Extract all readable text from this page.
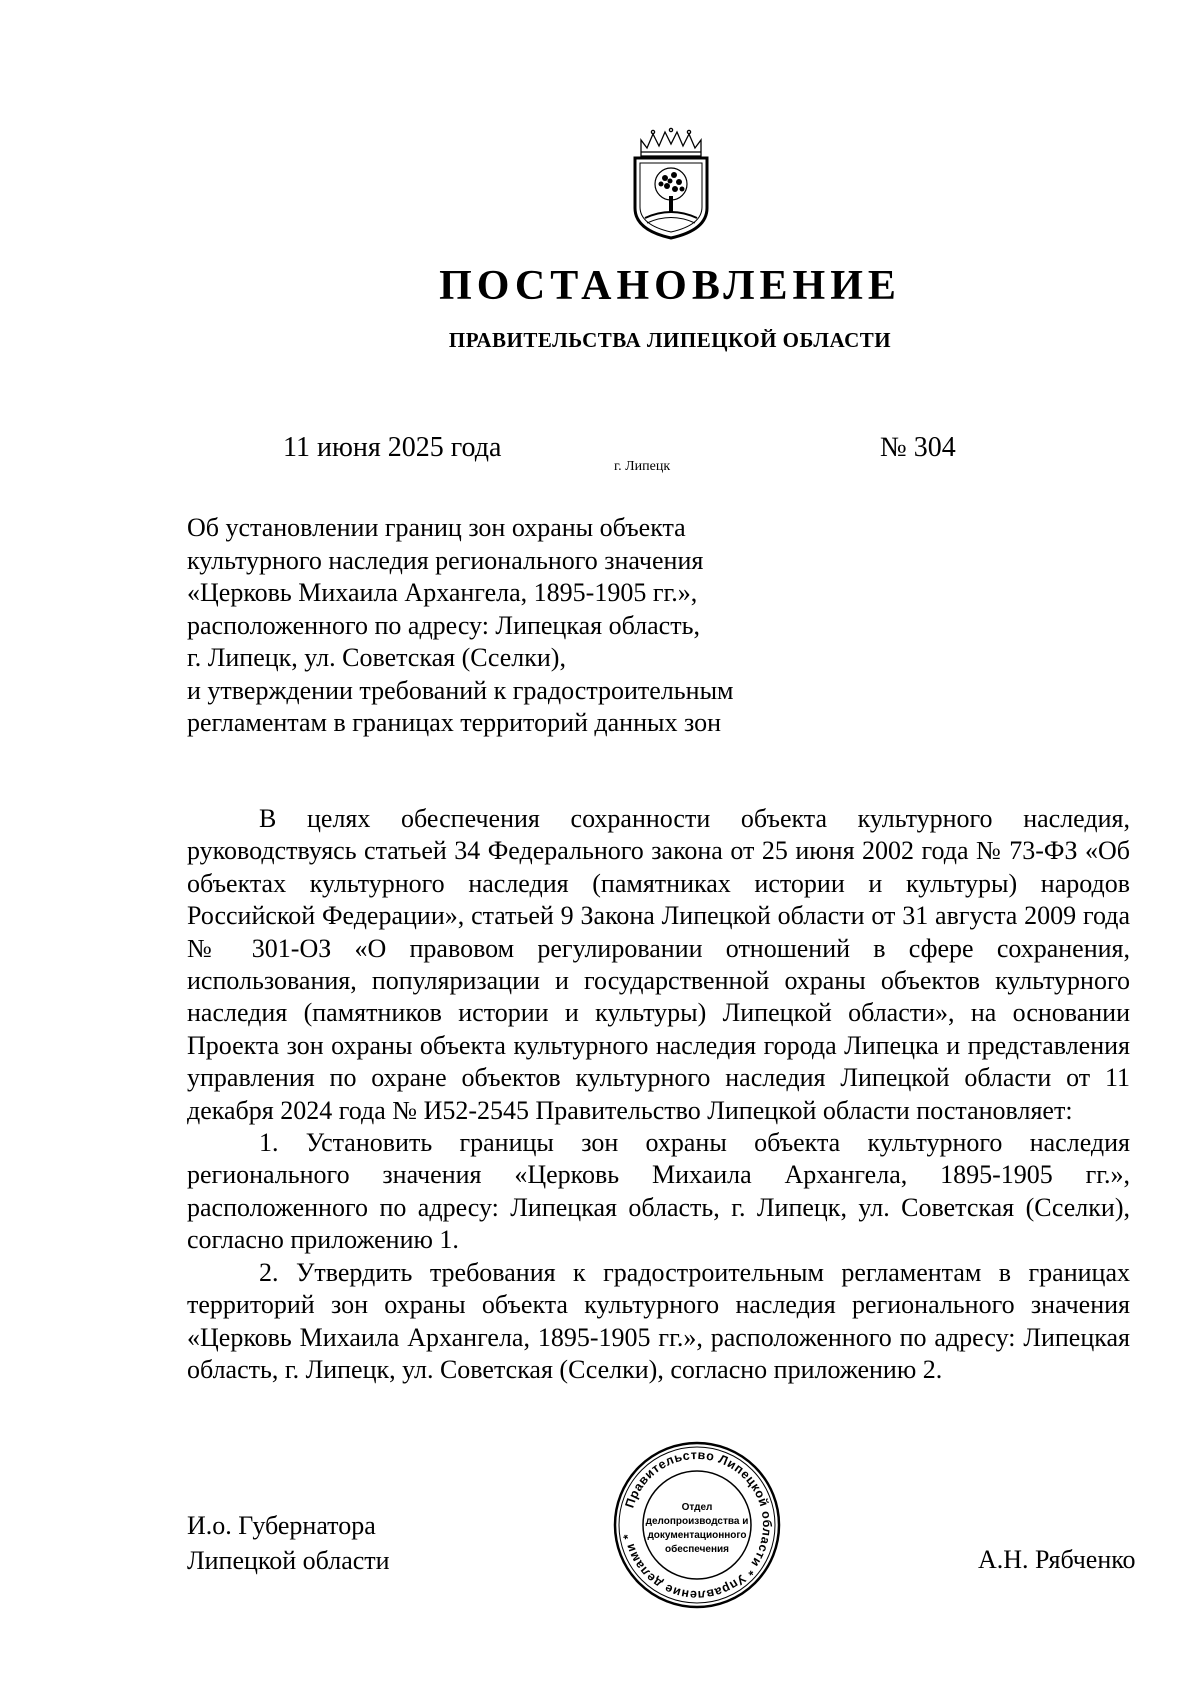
ПОСТАНОВЛЕНИЕ
ПРАВИТЕЛЬСТВА ЛИПЕЦКОЙ ОБЛАСТИ
11 июня 2025 года
г. Липецк
№ 304
Об установлении границ зон охраны объекта
культурного наследия регионального значения
«Церковь Михаила Архангела, 1895-1905 гг.»,
расположенного по адресу: Липецкая область,
г. Липецк, ул. Советская (Сселки),
и утверждении требований к градостроительным
регламентам в границах территорий данных зон

В целях обеспечения сохранности объекта культурного наследия, руководствуясь статьей 34 Федерального закона от 25 июня 2002 года № 73-ФЗ «Об объектах культурного наследия (памятниках истории и культуры) народов Российской Федерации», статьей 9 Закона Липецкой области от 31 августа 2009 года № 301-ОЗ «О правовом регулировании отношений в сфере сохранения, использования, популяризации и государственной охраны объектов культурного наследия (памятников истории и культуры) Липецкой области», на основании Проекта зон охраны объекта культурного наследия города Липецка и представления управления по охране объектов культурного наследия Липецкой области от 11 декабря 2024 года № И52-2545 Правительство Липецкой области постановляет:

1. Установить границы зон охраны объекта культурного наследия регионального значения «Церковь Михаила Архангела, 1895-1905 гг.», расположенного по адресу: Липецкая область, г. Липецк, ул. Советская (Сселки), согласно приложению 1.

2. Утвердить требования к градостроительным регламентам в границах территорий зон охраны объекта культурного наследия регионального значения «Церковь Михаила Архангела, 1895-1905 гг.», расположенного по адресу: Липецкая область, г. Липецк, ул. Советская (Сселки), согласно приложению 2.

И.о. Губернатора
Липецкой области	А.Н. Рябченко
Правительство Липецкой области * Управление делами *
Отдел
делопроизводства и
документационного
обеспечения
